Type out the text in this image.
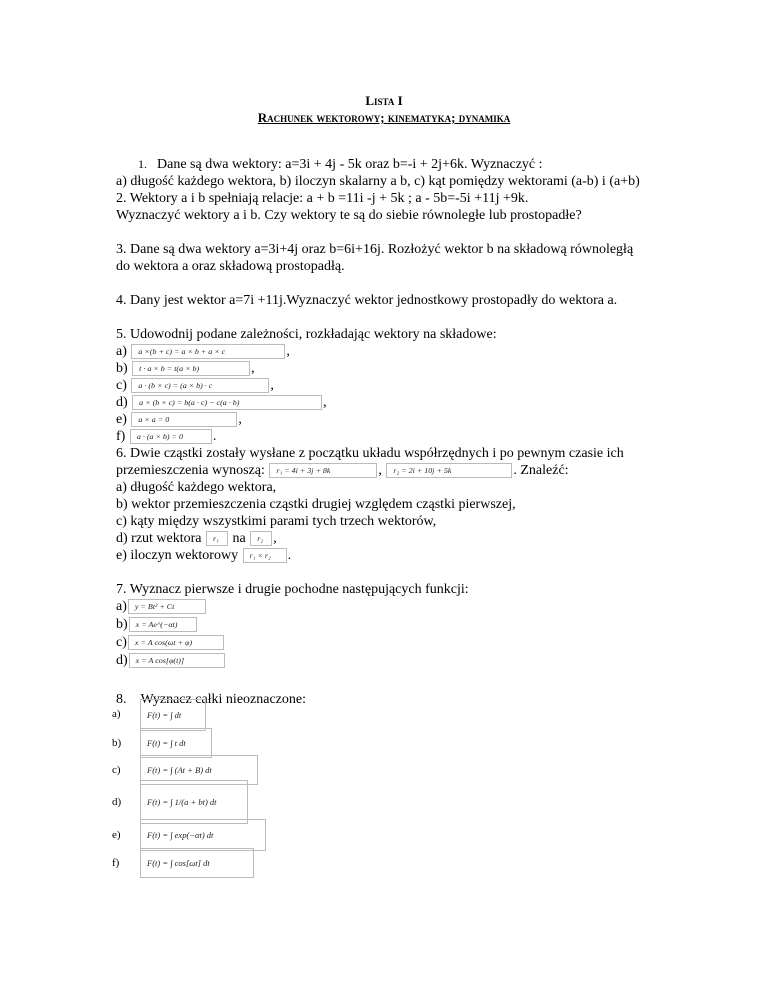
Lista I
Rachunek wektorowy; kinematyka; dynamika
1. Dane są dwa wektory: a=3i + 4j - 5k oraz b=-i + 2j+6k. Wyznaczyć :
a) długość każdego wektora, b) iloczyn skalarny a b, c) kąt pomiędzy wektorami (a-b) i (a+b)
2. Wektory a i b spełniają relacje: a + b =11i -j + 5k ; a - 5b=-5i +11j +9k.
Wyznaczyć wektory a i b. Czy wektory te są do siebie równoległe lub prostopadłe?
3. Dane są dwa wektory a=3i+4j oraz b=6i+16j. Rozłożyć wektor b na składową równoległą
do wektora a oraz składową prostopadłą.
4. Dany jest wektor a=7i +11j.Wyznaczyć wektor jednostkowy prostopadły do wektora a.
5. Udowodnij podane zależności, rozkładając wektory na składowe:
a) a ×(b + c) = a × b + a × c	,
b) t · a × b = t(a × b)	,
c) a · (b × c) = (a × b) · c	,
d) a × (b × c) = b(a · c) − c(a · b)	,
e) a × a = 0	,
f) a · (a × b) = 0 .
6. Dwie cząstki zostały wysłane z początku układu współrzędnych i po pewnym czasie ich
przemieszczenia wynoszą: r₁ = 4i + 3j + 8k	, r₂ = 2i + 10j + 5k	. Znaleźć:
a) długość każdego wektora,
b) wektor przemieszczenia cząstki drugiej względem cząstki pierwszej,
c) kąty między wszystkimi parami tych trzech wektorów,
d) rzut wektora r₁ na r₂ ,
e) iloczyn wektorowy r₁ × r₂ .
7. Wyznacz pierwsze i drugie pochodne następujących funkcji:
a) y = Bt² + Ct
b) x = Ae^(−αt)
c) x = A cos(ωt + φ)
d) x = A cos[φ(t)]
8. Wyznacz całki nieoznaczone:
a)	F(t) = ∫ dt
b)	F(t) = ∫ t dt
c)	F(t) = ∫ (At + B) dt
d)	F(t) = ∫ 1/(a + bt) dt
e)	F(t) = ∫ exp(−αt) dt
f)	F(t) = ∫ cos[ωt] dt
